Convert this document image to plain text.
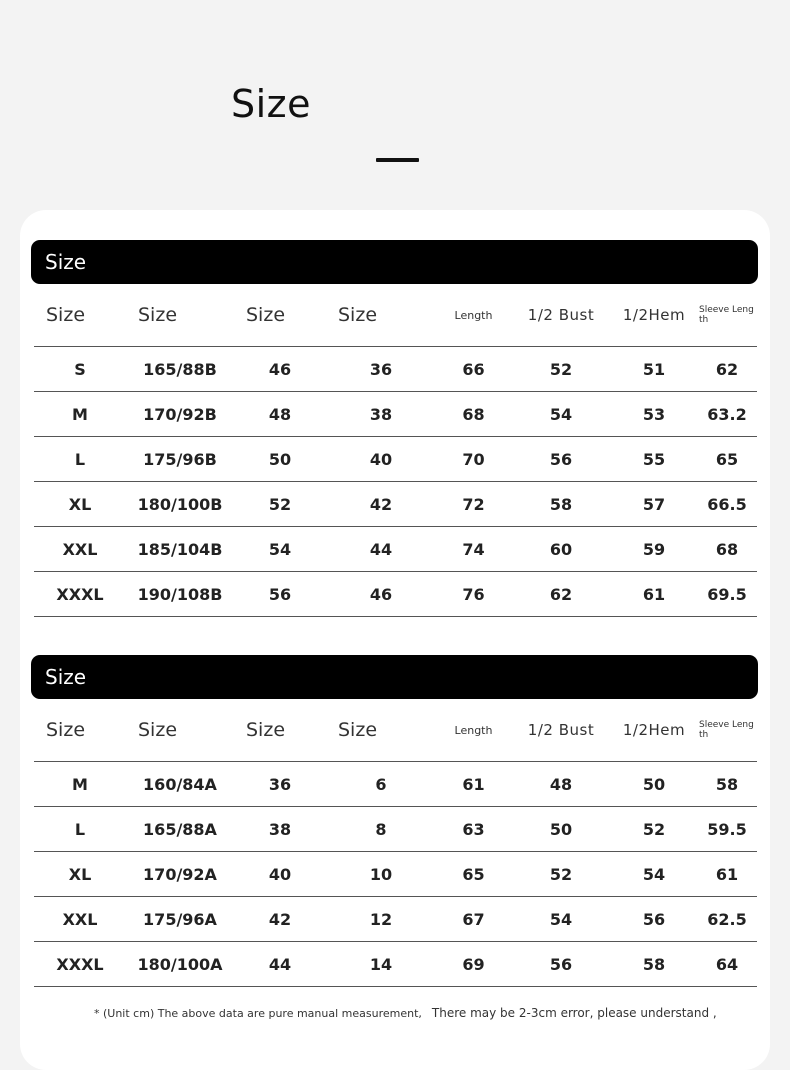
Size
Size
Size	Size	Size	Size	Length	1/2 Bust	1/2Hem	Sleeve Length
S	165/88B	46	36	66	52	51	62
M	170/92B	48	38	68	54	53	63.2
L	175/96B	50	40	70	56	55	65
XL	180/100B	52	42	72	58	57	66.5
XXL	185/104B	54	44	74	60	59	68
XXXL	190/108B	56	46	76	62	61	69.5
Size
Size	Size	Size	Size	Length	1/2 Bust	1/2Hem	Sleeve Length
M	160/84A	36	6	61	48	50	58
L	165/88A	38	8	63	50	52	59.5
XL	170/92A	40	10	65	52	54	61
XXL	175/96A	42	12	67	54	56	62.5
XXXL	180/100A	44	14	69	56	58	64
* (Unit cm) The above data are pure manual measurement, There may be 2-3cm error, please understand ,
